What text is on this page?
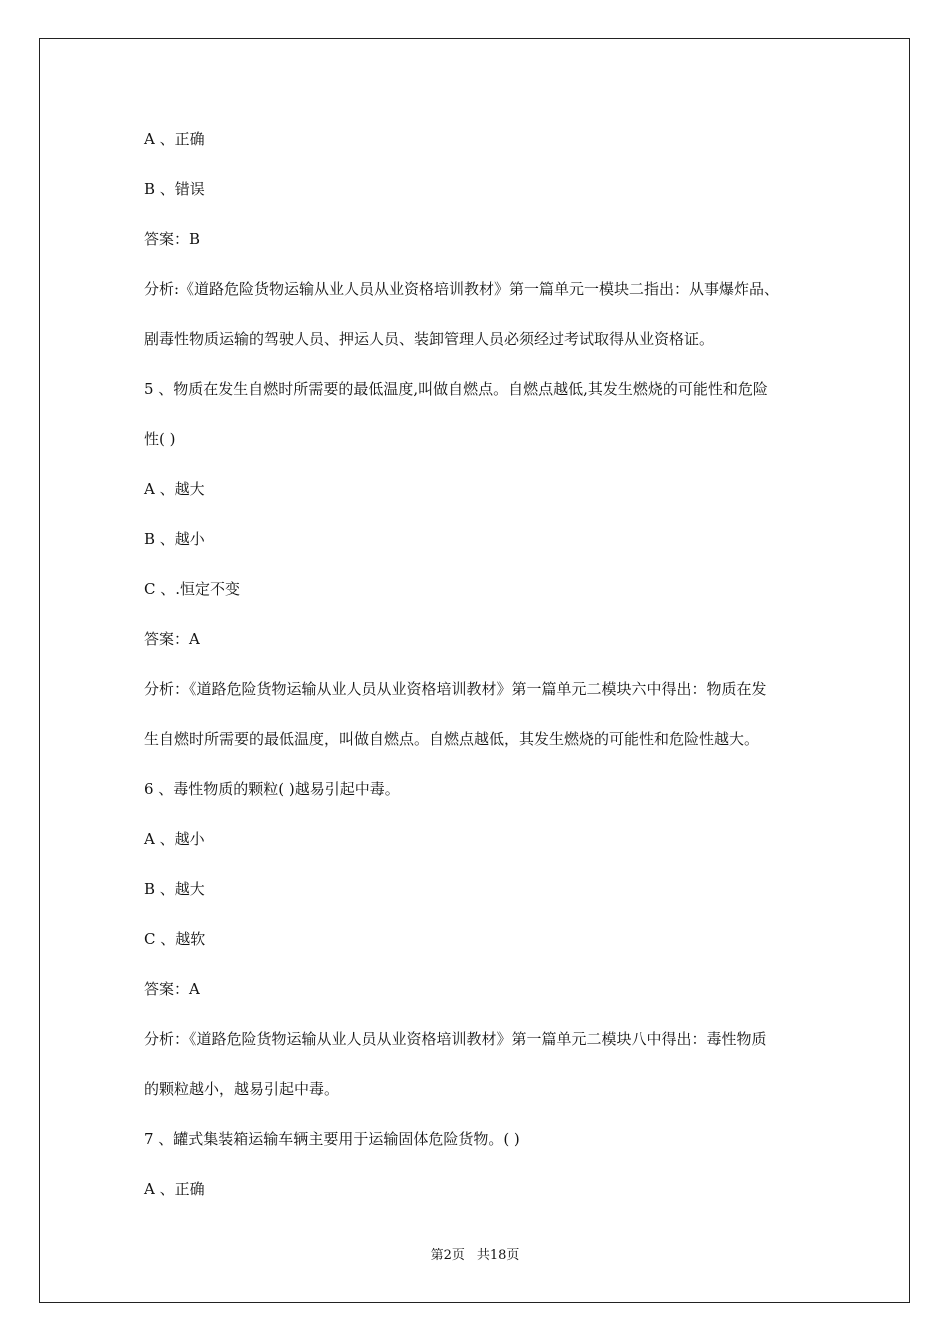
A 、正确
B 、错误
答案：B
分析:《道路危险货物运输从业人员从业资格培训教材》第一篇单元一模块二指出：从事爆炸品、
剧毒性物质运输的驾驶人员、押运人员、装卸管理人员必须经过考试取得从业资格证。
5 、物质在发生自燃时所需要的最低温度,叫做自燃点。自燃点越低,其发生燃烧的可能性和危险
性( )
A 、越大
B 、越小
C 、.恒定不变
答案：A
分析：《道路危险货物运输从业人员从业资格培训教材》第一篇单元二模块六中得出：物质在发
生自燃时所需要的最低温度，叫做自燃点。自燃点越低，其发生燃烧的可能性和危险性越大。
6 、毒性物质的颗粒( )越易引起中毒。
A 、越小
B 、越大
C 、越软
答案：A
分析：《道路危险货物运输从业人员从业资格培训教材》第一篇单元二模块八中得出：毒性物质
的颗粒越小，越易引起中毒。
7 、罐式集装箱运输车辆主要用于运输固体危险货物。( )
A 、正确
第2页 共18页
